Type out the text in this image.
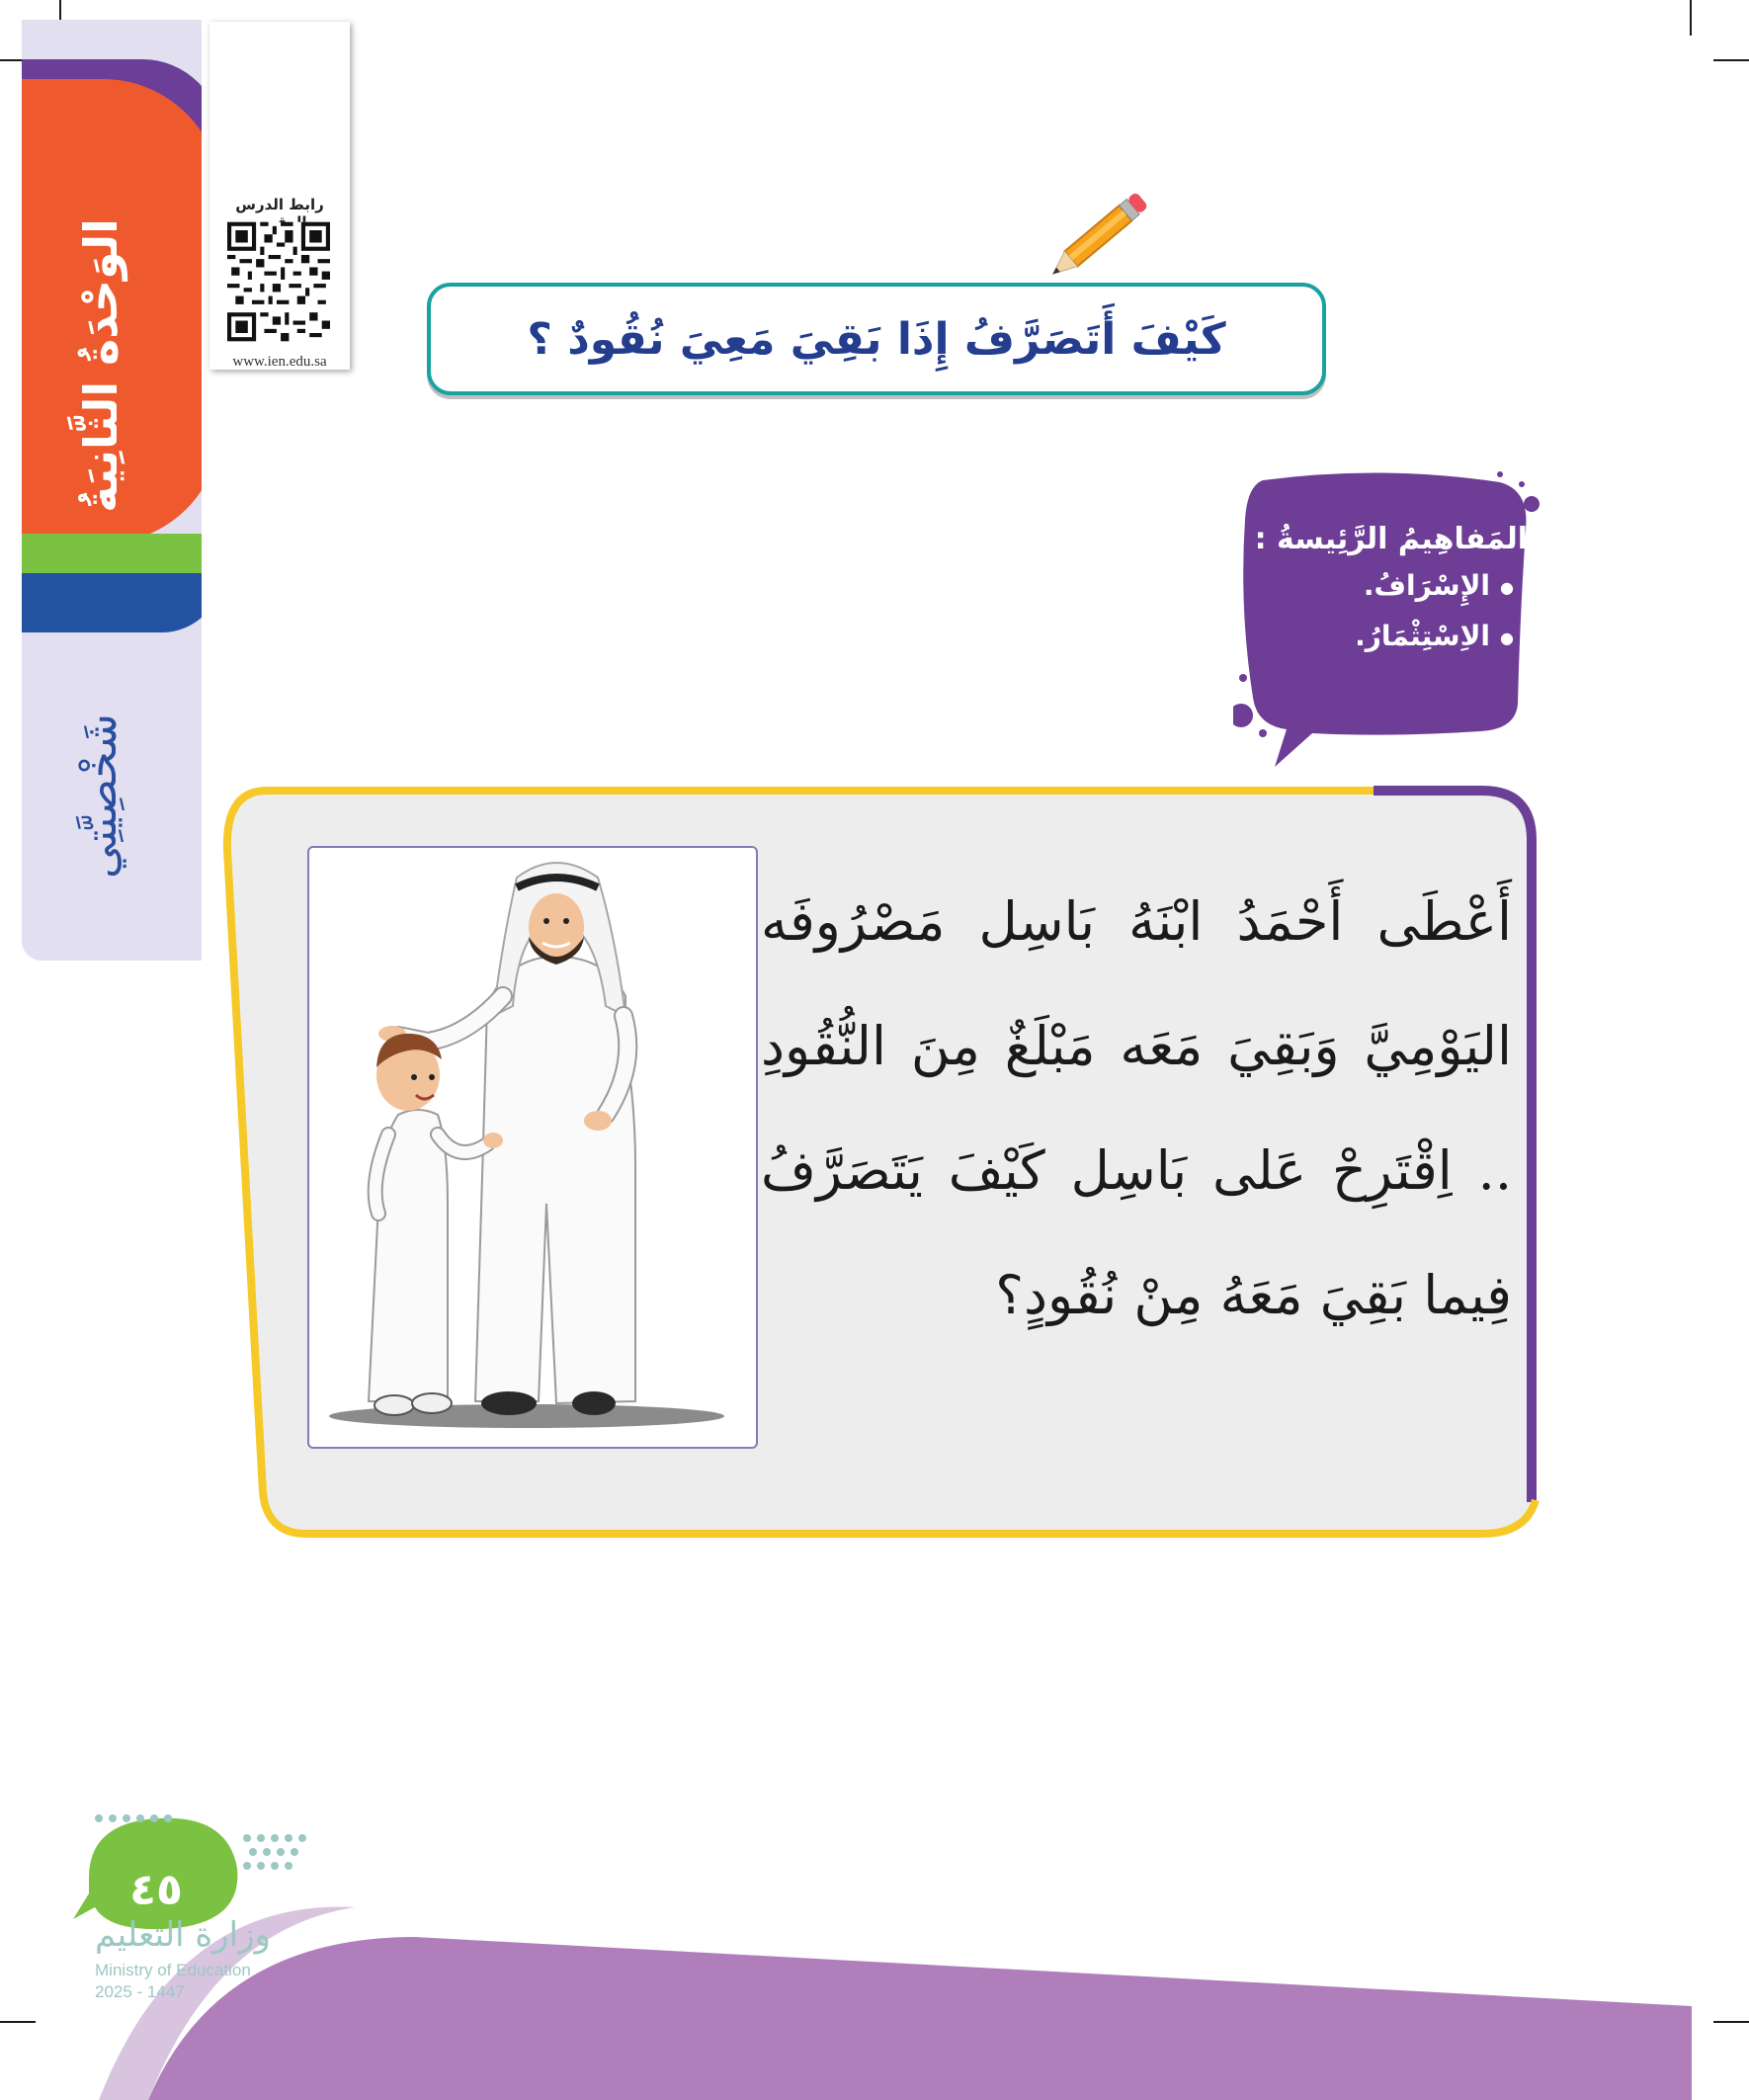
الوَحْدَةُ الثَّانِيَةُ
شَخْصِيَّتِي
رابط الدرس
www.ien.edu.sa	كَيْفَ أَتَصَرَّفُ إِذَا بَقِيَ مَعِيَ نُقُودٌ ؟
المَفاهِيمُ الرَّئِيسةُ :
● الإِسْرَافُ.
● الاِسْتِثْمَارُ.
أَعْطَى أَحْمَدُ ابْنَهُ بَاسِل مَصْرُوفَه اليَوْمِيَّ وَبَقِيَ مَعَه مَبْلَغٌ مِنَ النُّقُودِ .. اِقْتَرِحْ عَلى بَاسِل كَيْفَ يَتَصَرَّفُ فِيما بَقِيَ مَعَهُ مِنْ نُقُودٍ؟
٤٥
وزارة التعليم
Ministry of Education
2025 - 1447
